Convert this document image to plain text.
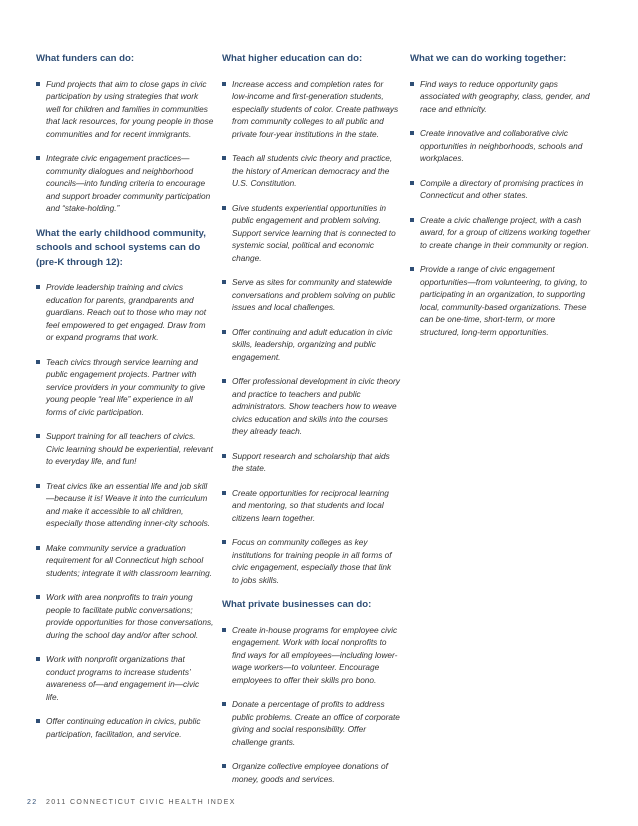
What funders can do:
Fund projects that aim to close gaps in civic participation by using strategies that work well for children and families in communities that lack resources, for young people in those communities and for recent immigrants.
Integrate civic engagement practices—community dialogues and neighborhood councils—into funding criteria to encourage and support broader community participation and “stake-holding.”
What the early childhood community, schools and school systems can do (pre-K through 12):
Provide leadership training and civics education for parents, grandparents and guardians. Reach out to those who may not feel empowered to get engaged. Draw from or expand programs that work.
Teach civics through service learning and public engagement projects. Partner with service providers in your community to give young people “real life” experience in all forms of civic participation.
Support training for all teachers of civics. Civic learning should be experiential, relevant to everyday life, and fun!
Treat civics like an essential life and job skill—because it is! Weave it into the curriculum and make it accessible to all children, especially those attending inner-city schools.
Make community service a graduation requirement for all Connecticut high school students; integrate it with classroom learning.
Work with area nonprofits to train young people to facilitate public conversations; provide opportunities for those conversations, during the school day and/or after school.
Work with nonprofit organizations that conduct programs to increase students’ awareness of—and engagement in—civic life.
Offer continuing education in civics, public participation, facilitation, and service.
What higher education can do:
Increase access and completion rates for low-income and first-generation students, especially students of color. Create pathways from community colleges to all public and private four-year institutions in the state.
Teach all students civic theory and practice, the history of American democracy and the U.S. Constitution.
Give students experiential opportunities in public engagement and problem solving. Support service learning that is connected to systemic social, political and economic change.
Serve as sites for community and statewide conversations and problem solving on public issues and local challenges.
Offer continuing and adult education in civic skills, leadership, organizing and public engagement.
Offer professional development in civic theory and practice to teachers and public administrators. Show teachers how to weave civics education and skills into the courses they already teach.
Support research and scholarship that aids the state.
Create opportunities for reciprocal learning and mentoring, so that students and local citizens learn together.
Focus on community colleges as key institutions for training people in all forms of civic engagement, especially those that link to jobs skills.
What private businesses can do:
Create in-house programs for employee civic engagement. Work with local nonprofits to find ways for all employees—including lower-wage workers—to volunteer. Encourage employees to offer their skills pro bono.
Donate a percentage of profits to address public problems. Create an office of corporate giving and social responsibility. Offer challenge grants.
Organize collective employee donations of money, goods and services.
What we can do working together:
Find ways to reduce opportunity gaps associated with geography, class, gender, and race and ethnicity.
Create innovative and collaborative civic opportunities in neighborhoods, schools and workplaces.
Compile a directory of promising practices in Connecticut and other states.
Create a civic challenge project, with a cash award, for a group of citizens working together to create change in their community or region.
Provide a range of civic engagement opportunities—from volunteering, to giving, to participating in an organization, to supporting local, community-based organizations. These can be one-time, short-term, or more structured, long-term opportunities.
22 2011 CONNECTICUT CIVIC HEALTH INDEX
